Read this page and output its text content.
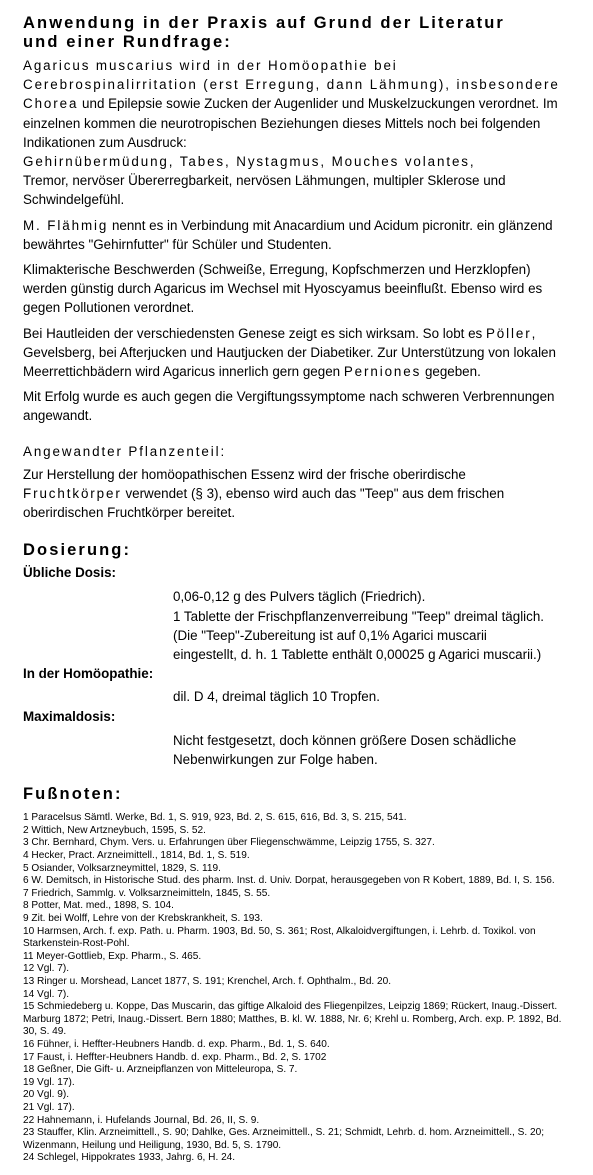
Anwendung in der Praxis auf Grund der Literatur
und einer Rundfrage:

Agaricus muscarius wird in der Homöopathie bei Cerebrospinalirritation (erst Erregung, dann Lähmung), insbesondere Chorea und Epilepsie sowie Zucken der Augenlider und Muskelzuckungen verordnet. Im einzelnen kommen die neurotropischen Beziehungen dieses Mittels noch bei folgenden Indikationen zum Ausdruck:
Gehirnübermüdung, Tabes, Nystagmus, Mouches volantes,
Tremor, nervöser Übererregbarkeit, nervösen Lähmungen, multipler Sklerose und Schwindelgefühl.

M. Flähmig nennt es in Verbindung mit Anacardium und Acidum picronitr. ein glänzend bewährtes "Gehirnfutter" für Schüler und Studenten.

Klimakterische Beschwerden (Schweiße, Erregung, Kopfschmerzen und Herzklopfen) werden günstig durch Agaricus im Wechsel mit Hyoscyamus beeinflußt. Ebenso wird es gegen Pollutionen verordnet.

Bei Hautleiden der verschiedensten Genese zeigt es sich wirksam. So lobt es Pöller, Gevelsberg, bei Afterjucken und Hautjucken der Diabetiker. Zur Unterstützung von lokalen Meerrettichbädern wird Agaricus innerlich gern gegen Perniones gegeben.

Mit Erfolg wurde es auch gegen die Vergiftungssymptome nach schweren Verbrennungen angewandt.

Angewandter Pflanzenteil:

Zur Herstellung der homöopathischen Essenz wird der frische oberirdische
Fruchtkörper verwendet (§ 3), ebenso wird auch das "Teep" aus dem frischen oberirdischen Fruchtkörper bereitet.

Dosierung:
Übliche Dosis:
0,06-0,12 g des Pulvers täglich (Friedrich).
1 Tablette der Frischpflanzenverreibung "Teep" dreimal täglich.
(Die "Teep"-Zubereitung ist auf 0,1% Agarici muscarii
eingestellt, d. h. 1 Tablette enthält 0,00025 g Agarici muscarii.)
In der Homöopathie:
dil. D 4, dreimal täglich 10 Tropfen.
Maximaldosis:
Nicht festgesetzt, doch können größere Dosen schädliche
Nebenwirkungen zur Folge haben.
Fußnoten:
1 Paracelsus Sämtl. Werke, Bd. 1, S. 919, 923, Bd. 2, S. 615, 616, Bd. 3, S. 215, 541.
2 Wittich, New Artzneybuch, 1595, S. 52.
3 Chr. Bernhard, Chym. Vers. u. Erfahrungen über Fliegenschwämme, Leipzig 1755, S. 327.
4 Hecker, Pract. Arzneimittell., 1814, Bd. 1, S. 519.
5 Osiander, Volksarzneymittel, 1829, S. 119.
6 W. Demitsch, in Historische Stud. des pharm. Inst. d. Univ. Dorpat, herausgegeben von R Kobert, 1889, Bd. I, S. 156.
7 Friedrich, Sammlg. v. Volksarzneimitteln, 1845, S. 55.
8 Potter, Mat. med., 1898, S. 104.
9 Zit. bei Wolff, Lehre von der Krebskrankheit, S. 193.
10 Harmsen, Arch. f. exp. Path. u. Pharm. 1903, Bd. 50, S. 361; Rost, Alkaloidvergiftungen, i. Lehrb. d. Toxikol. von Starkenstein-Rost-Pohl.
11 Meyer-Gottlieb, Exp. Pharm., S. 465.
12 Vgl. 7).
13 Ringer u. Morshead, Lancet 1877, S. 191; Krenchel, Arch. f. Ophthalm., Bd. 20.
14 Vgl. 7).
15 Schmiedeberg u. Koppe, Das Muscarin, das giftige Alkaloid des Fliegenpilzes, Leipzig 1869; Rückert, Inaug.-Dissert. Marburg 1872; Petri, Inaug.-Dissert. Bern 1880; Matthes, B. kl. W. 1888, Nr. 6; Krehl u. Romberg, Arch. exp. P. 1892, Bd. 30, S. 49.
16 Fühner, i. Heffter-Heubners Handb. d. exp. Pharm., Bd. 1, S. 640.
17 Faust, i. Heffter-Heubners Handb. d. exp. Pharm., Bd. 2, S. 1702
18 Geßner, Die Gift- u. Arzneipflanzen von Mitteleuropa, S. 7.
19 Vgl. 17).
20 Vgl. 9).
21 Vgl. 17).
22 Hahnemann, i. Hufelands Journal, Bd. 26, II, S. 9.
23 Stauffer, Klin. Arzneimittell., S. 90; Dahlke, Ges. Arzneimittell., S. 21; Schmidt, Lehrb. d. hom. Arzneimittell., S. 20; Wizenmann, Heilung und Heiligung, 1930, Bd. 5, S. 1790.
24 Schlegel, Hippokrates 1933, Jahrg. 6, H. 24.
